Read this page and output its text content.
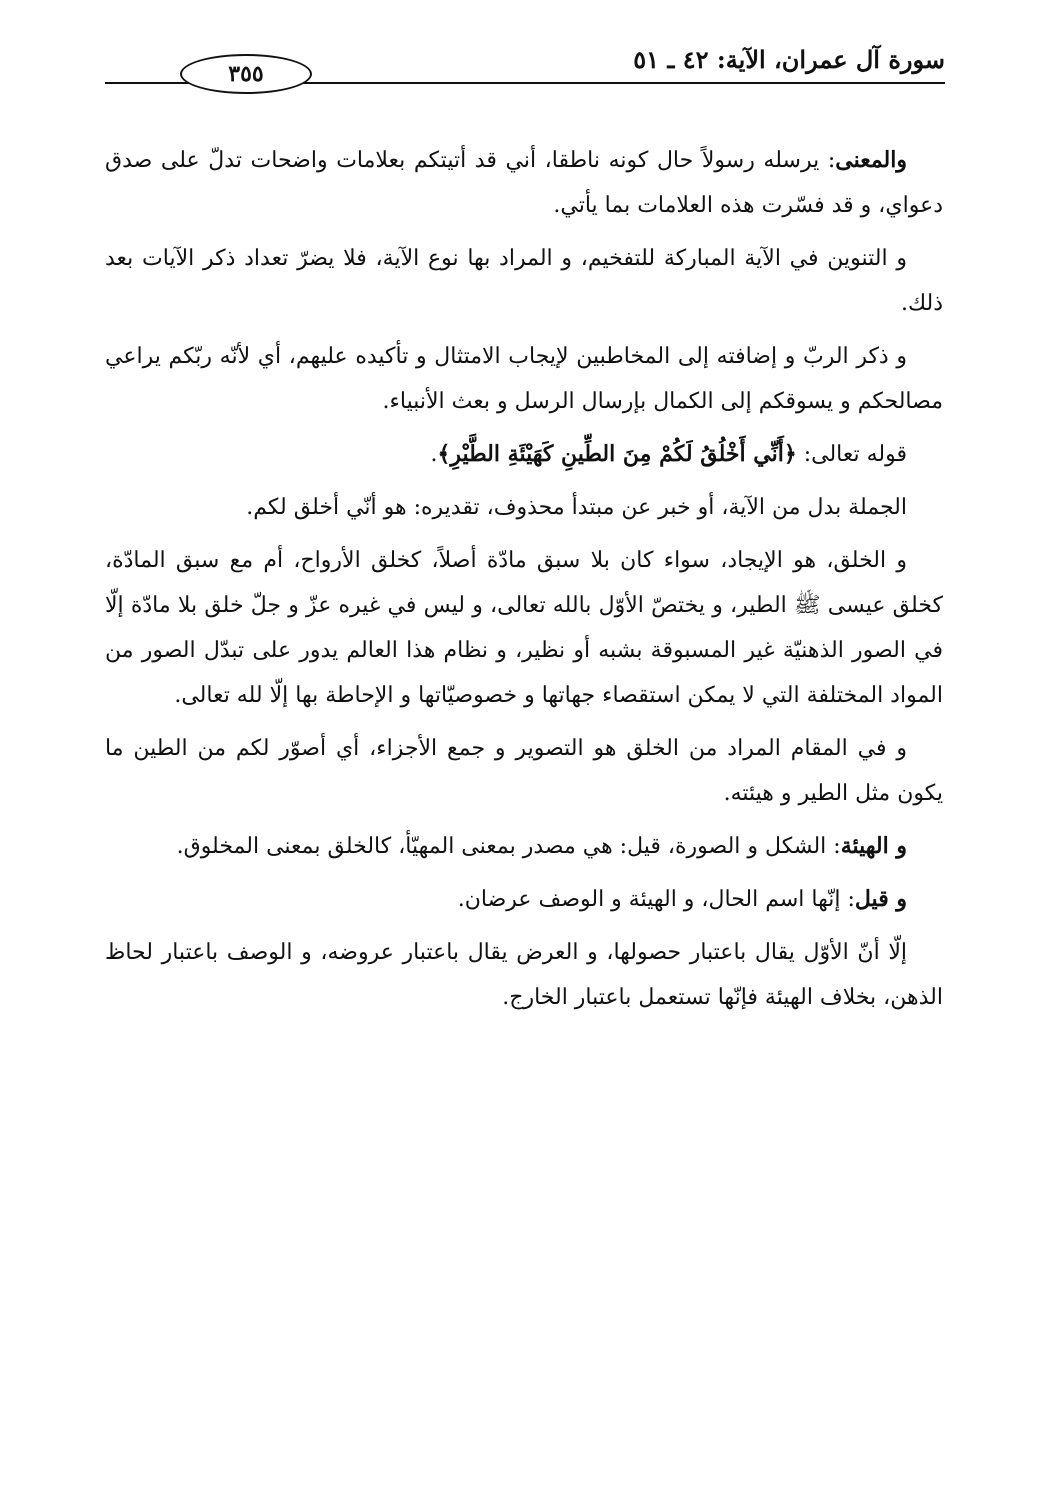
سورة آل عمران، الآية: ٤٢ ـ ٥١
٣٥٥

والمعنى: يرسله رسولاً حال كونه ناطقا، أني قد أتيتكم بعلامات واضحات تدلّ على صدق دعواي، و قد فسّرت هذه العلامات بما يأتي.

و التنوين في الآية المباركة للتفخيم، و المراد بها نوع الآية، فلا يضرّ تعداد ذكر الآيات بعد ذلك.

و ذكر الربّ و إضافته إلى المخاطبين لإيجاب الامتثال و تأكيده عليهم، أي لأنّه ربّكم يراعي مصالحكم و يسوقكم إلى الكمال بإرسال الرسل و بعث الأنبياء.

قوله تعالى: ﴿أَنِّي أَخْلُقُ لَكُمْ مِنَ الطِّينِ كَهَيْئَةِ الطَّيْرِ﴾.

الجملة بدل من الآية، أو خبر عن مبتدأ محذوف، تقديره: هو أنّي أخلق لكم.

و الخلق، هو الإيجاد، سواء كان بلا سبق مادّة أصلاً، كخلق الأرواح، أم مع سبق المادّة، كخلق عيسى ﷺ الطير، و يختصّ الأوّل بالله تعالى، و ليس في غيره عزّ و جلّ خلق بلا مادّة إلّا في الصور الذهنيّة غير المسبوقة بشبه أو نظير، و نظام هذا العالم يدور على تبدّل الصور من المواد المختلفة التي لا يمكن استقصاء جهاتها و خصوصيّاتها و الإحاطة بها إلّا لله تعالى.

و في المقام المراد من الخلق هو التصوير و جمع الأجزاء، أي أصوّر لكم من الطين ما يكون مثل الطير و هيئته.

و الهيئة: الشكل و الصورة، قيل: هي مصدر بمعنى المهيّأ، كالخلق بمعنى المخلوق.

و قيل: إنّها اسم الحال، و الهيئة و الوصف عرضان.

إلّا أنّ الأوّل يقال باعتبار حصولها، و العرض يقال باعتبار عروضه، و الوصف باعتبار لحاظ الذهن، بخلاف الهيئة فإنّها تستعمل باعتبار الخارج.
